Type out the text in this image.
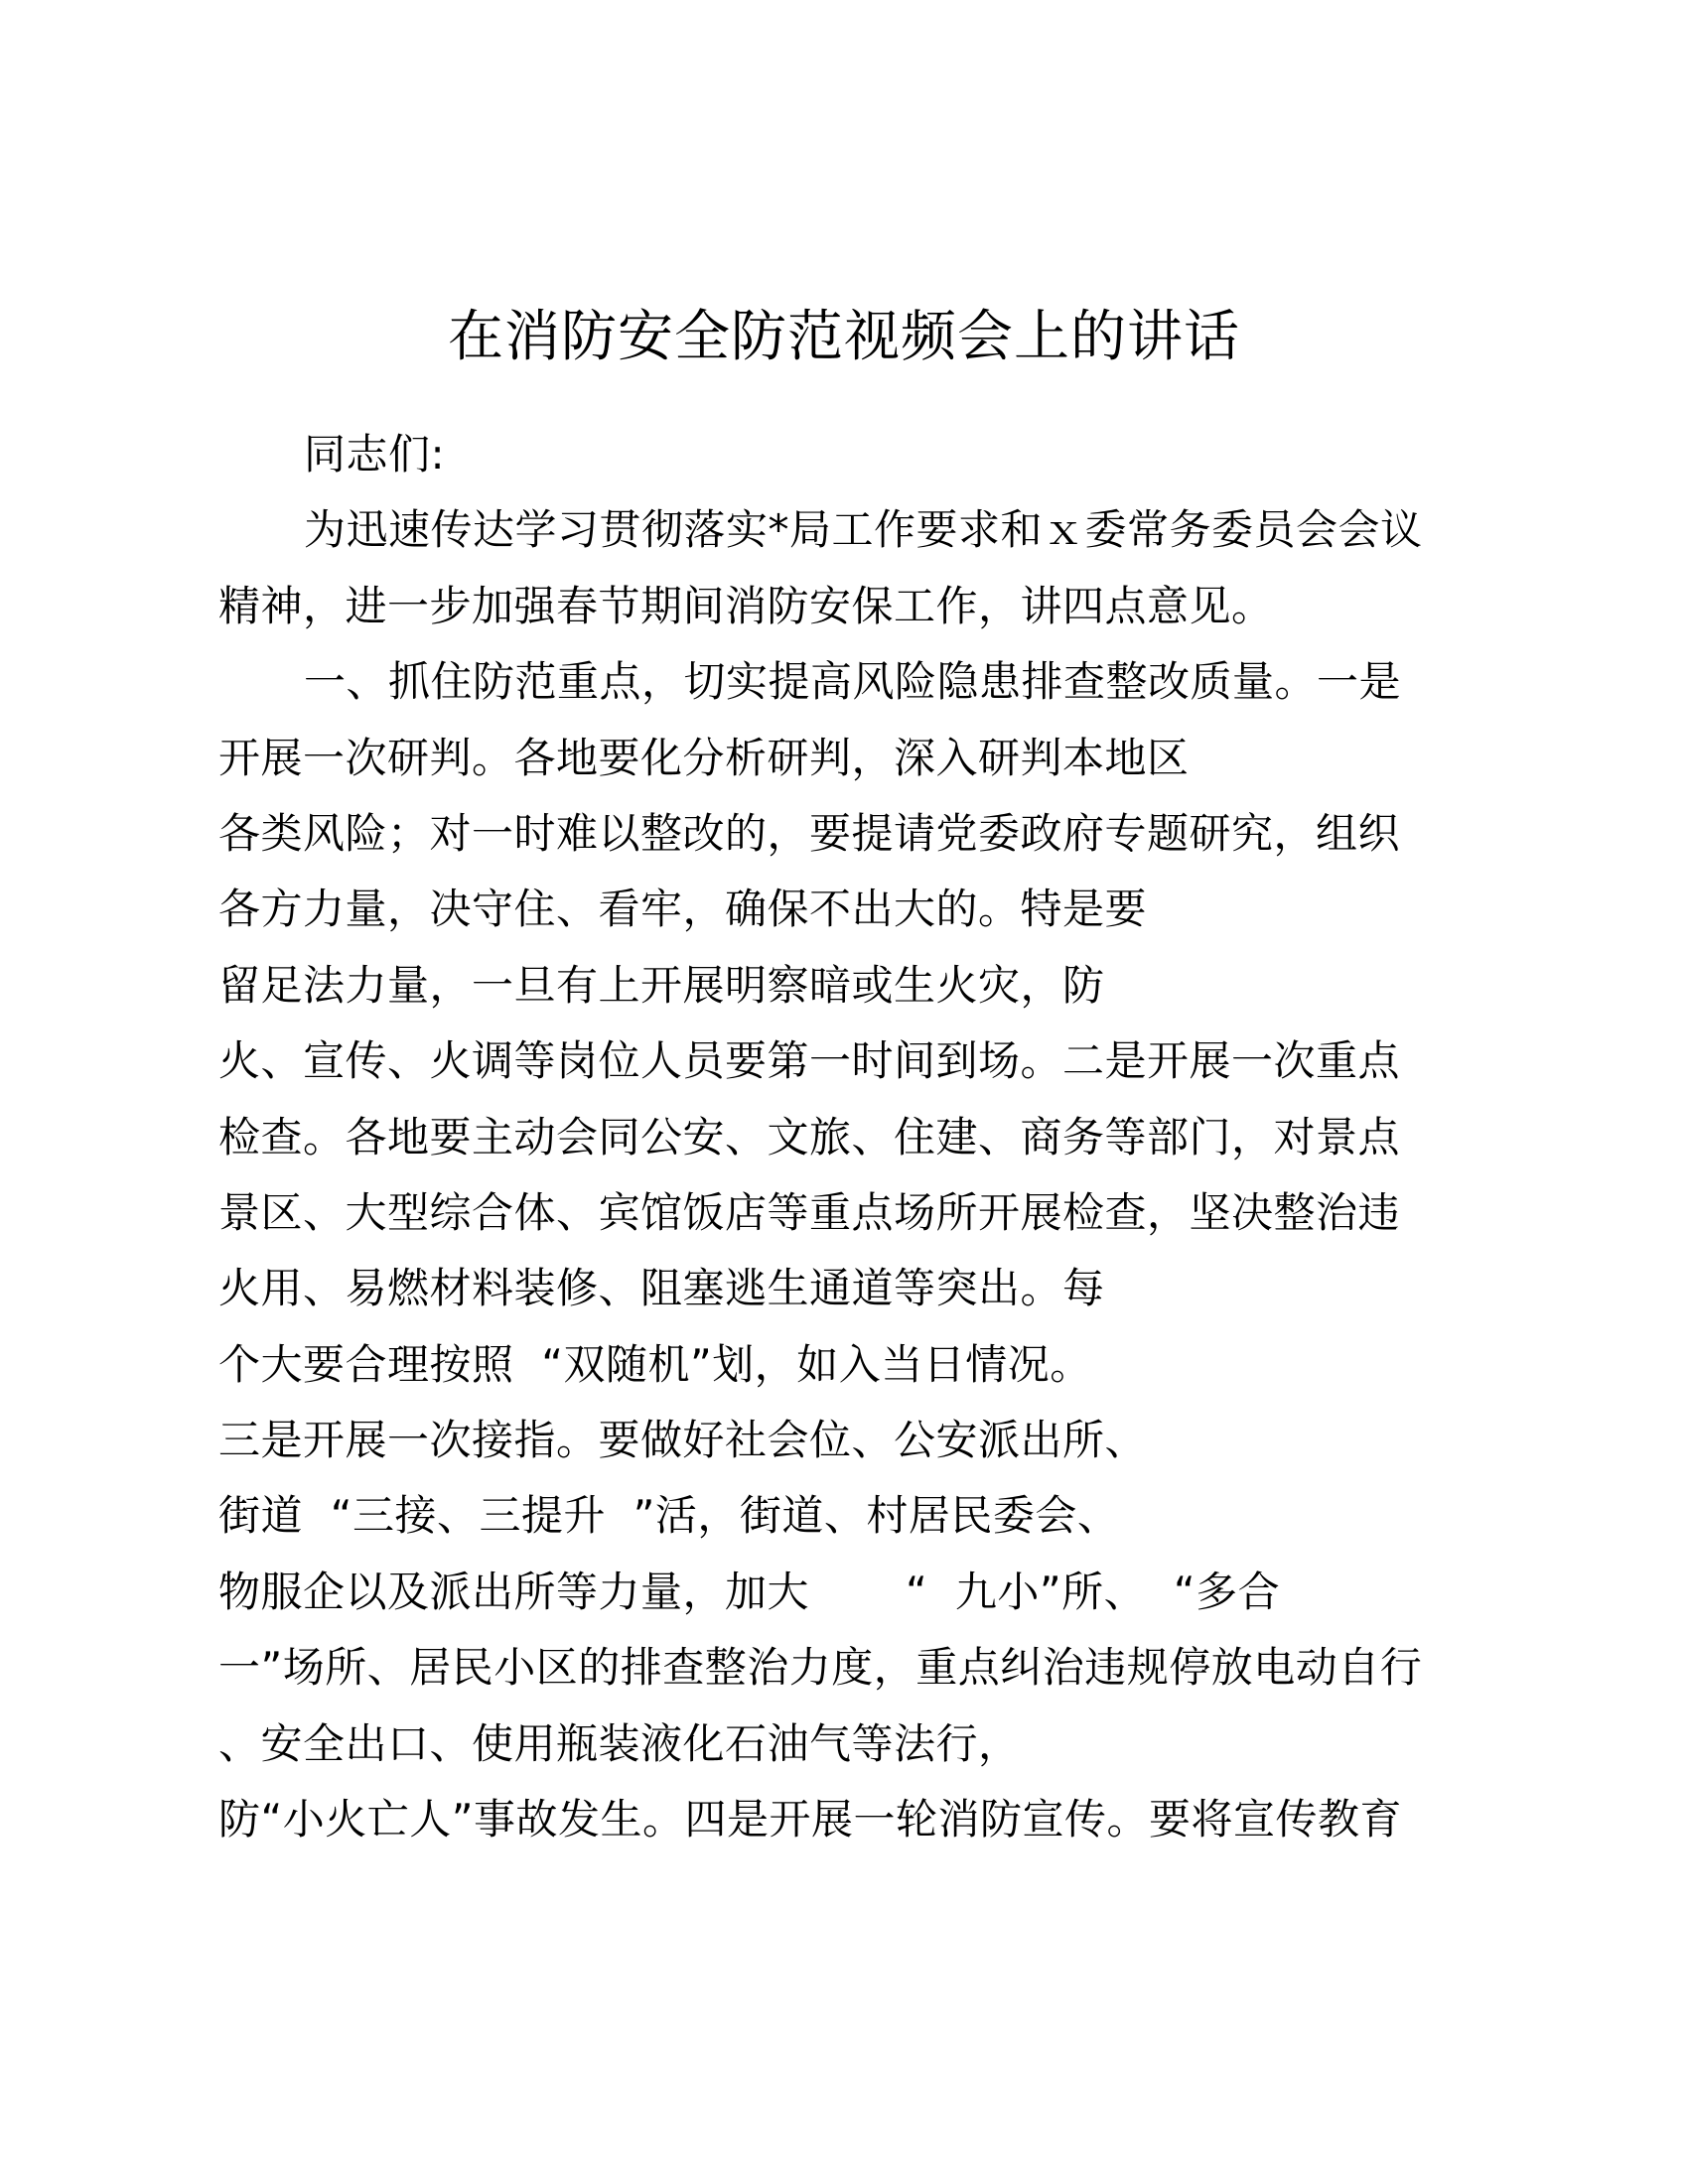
在消防安全防范视频会上的讲话
同志们:
为迅速传达学习贯彻落实*局工作要求和ｘ委常务委员会会议
精神，进一步加强春节期间消防安保工作，讲四点意见。
一、抓住防范重点，切实提高风险隐患排查整改质量。一是
开展一次研判。各地要化分析研判，深入研判本地区
各类风险；对一时难以整改的，要提请党委政府专题研究，组织
各方力量，决守住、看牢，确保不出大的。特是要
留足法力量，一旦有上开展明察暗或生火灾，防
火、宣传、火调等岗位人员要第一时间到场。二是开展一次重点
检查。各地要主动会同公安、文旅、住建、商务等部门，对景点
景区、大型综合体、宾馆饭店等重点场所开展检查，坚决整治违
火用、易燃材料装修、阻塞逃生通道等突出。每
个大要合理按照  “双随机”划，如入当日情况。
三是开展一次接指。要做好社会位、公安派出所、
街道  “三接、三提升  ”活，街道、村居民委会、
物服企以及派出所等力量，加大       “  九小”所、  “多合
一”场所、居民小区的排查整治力度，重点纠治违规停放电动自行
、安全出口、使用瓶装液化石油气等法行，
防“小火亡人”事故发生。四是开展一轮消防宣传。要将宣传教育
